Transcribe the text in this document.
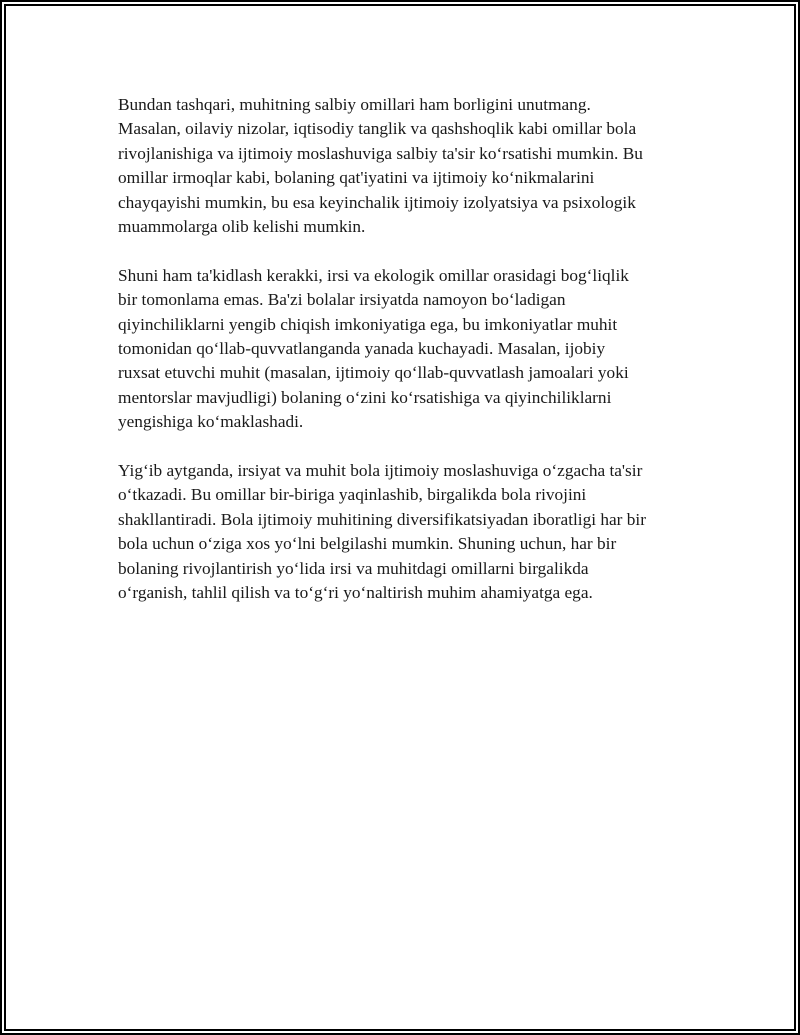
Bundan tashqari, muhitning salbiy omillari ham borligini unutmang.
Masalan, oilaviy nizolar, iqtisodiy tanglik va qashshoqlik kabi omillar bola
rivojlanishiga va ijtimoiy moslashuviga salbiy ta'sir ko‘rsatishi mumkin. Bu
omillar irmoqlar kabi, bolaning qat'iyatini va ijtimoiy ko‘nikmalarini
chayqayishi mumkin, bu esa keyinchalik ijtimoiy izolyatsiya va psixologik
muammolarga olib kelishi mumkin.

Shuni ham ta'kidlash kerakki, irsi va ekologik omillar orasidagi bog‘liqlik
bir tomonlama emas. Ba'zi bolalar irsiyatda namoyon bo‘ladigan
qiyinchiliklarni yengib chiqish imkoniyatiga ega, bu imkoniyatlar muhit
tomonidan qo‘llab-quvvatlanganda yanada kuchayadi. Masalan, ijobiy
ruxsat etuvchi muhit (masalan, ijtimoiy qo‘llab-quvvatlash jamoalari yoki
mentorslar mavjudligi) bolaning o‘zini ko‘rsatishiga va qiyinchiliklarni
yengishiga ko‘maklashadi.

Yig‘ib aytganda, irsiyat va muhit bola ijtimoiy moslashuviga o‘zgacha ta'sir
o‘tkazadi. Bu omillar bir-biriga yaqinlashib, birgalikda bola rivojini
shakllantiradi. Bola ijtimoiy muhitining diversifikatsiyadan iboratligi har bir
bola uchun o‘ziga xos yo‘lni belgilashi mumkin. Shuning uchun, har bir
bolaning rivojlantirish yo‘lida irsi va muhitdagi omillarni birgalikda
o‘rganish, tahlil qilish va to‘g‘ri yo‘naltirish muhim ahamiyatga ega.
